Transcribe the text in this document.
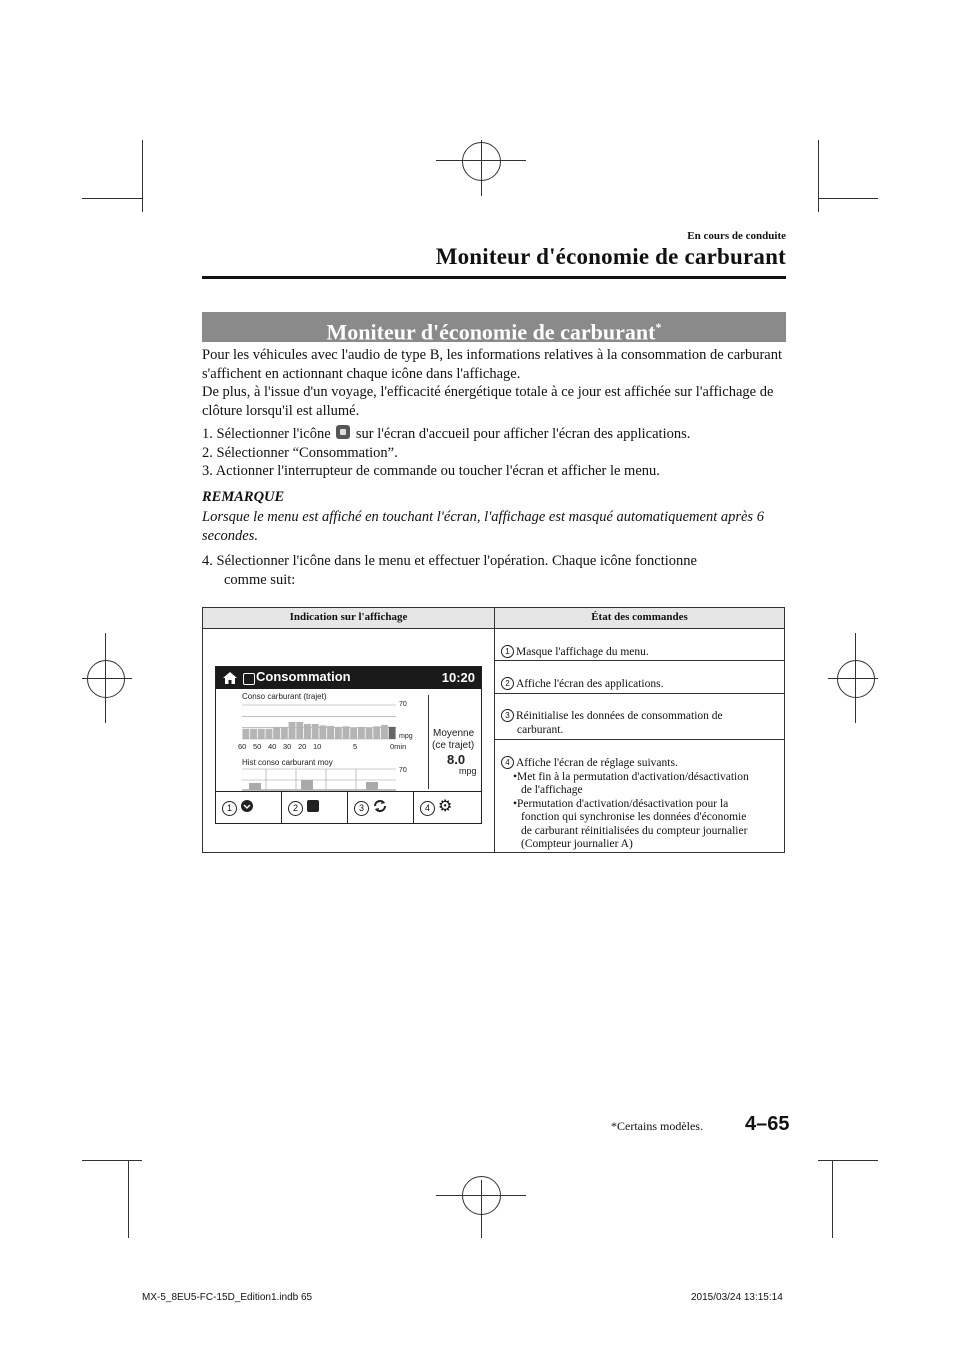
En cours de conduite
Moniteur d'économie de carburant
Moniteur d'économie de carburant*

Pour les véhicules avec l'audio de type B, les informations relatives à la consommation de carburant s'affichent en actionnant chaque icône dans l'affichage.

De plus, à l'issue d'un voyage, l'efficacité énergétique totale à ce jour est affichée sur l'affichage de clôture lorsqu'il est allumé.

1. Sélectionner l'icône sur l'écran d'accueil pour afficher l'écran des applications.

2. Sélectionner “Consommation”.

3. Actionner l'interrupteur de commande ou toucher l'écran et afficher le menu.

REMARQUE
Lorsque le menu est affiché en touchant l'écran, l'affichage est masqué automatiquement après 6 secondes.

4. Sélectionner l'icône dans le menu et effectuer l'opération. Chaque icône fonctionne

comme suit:

Indication sur l'affichage	État des commandes
1 Masque l'affichage du menu.
2 Affiche l'écran des applications.
3 Réinitialise les données de consommation de
carburant.
4 Affiche l'écran de réglage suivants.
•Met fin à la permutation d'activation/désactivation
de l'affichage
•Permutation d'activation/désactivation pour la
fonction qui synchronise les données d'économie
de carburant réinitialisées du compteur journalier
(Compteur journalier A)
Consommation	10:20
Conso carburant (trajet)
70
mpg
60 50 40 30 20 10	5	0min
Hist conso carburant moy
70
Moyenne
(ce trajet)
8.0
mpg
1	2	3	4 ⚙
*Certains modèles. 4–65
MX-5_8EU5-FC-15D_Edition1.indb 65	2015/03/24 13:15:14
